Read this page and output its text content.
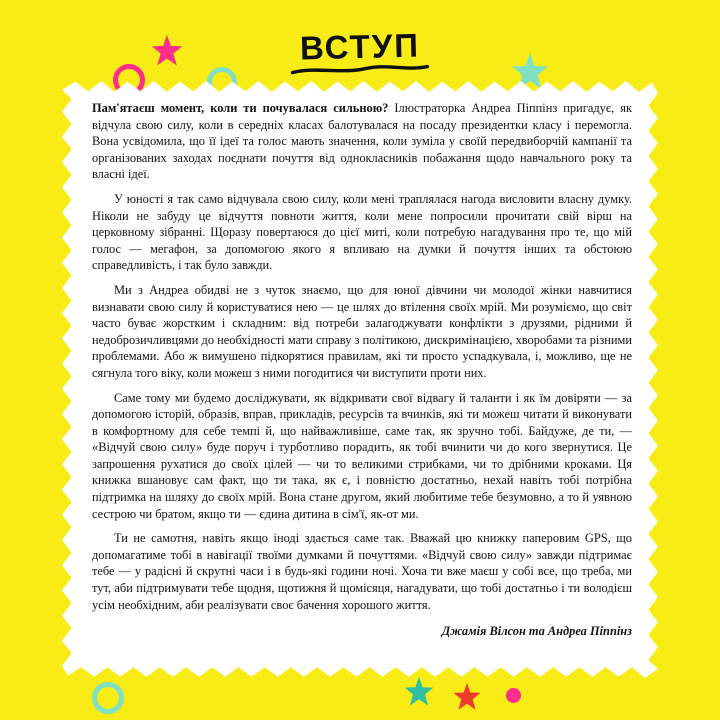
ВСТУП

Пам'ятаєш момент, коли ти почувалася сильною? Ілюстраторка Андреа Піппінз пригадує, як відчула свою силу, коли в середніх класах балотувалася на посаду президентки класу і перемогла. Вона усвідомила, що її ідеї та голос мають значення, коли зуміла у своїй передвиборчій кампанії та організованих заходах поєднати почуття від однокласників побажання щодо навчального року та власні ідеї.

У юності я так само відчувала свою силу, коли мені траплялася нагода висловити власну думку. Ніколи не забуду це відчуття повноти життя, коли мене попросили прочитати свій вірш на церковному зібранні. Щоразу повертаюся до цієї миті, коли потребую нагадування про те, що мій голос — мегафон, за допомогою якого я впливаю на думки й почуття інших та обстоюю справедливість, і так було завжди.

Ми з Андреа обидві не з чуток знаємо, що для юної дівчини чи молодої жінки навчитися визнавати свою силу й користуватися нею — це шлях до втілення своїх мрій. Ми розуміємо, що світ часто буває жорстким і складним: від потреби залагоджувати конфлікти з друзями, рідними й недоброзичливцями до необхідності мати справу з політикою, дискримінацією, хворобами та різними проблемами. Або ж вимушено підкорятися правилам, які ти просто успадкувала, і, можливо, ще не сягнула того віку, коли можеш з ними погодитися чи виступити проти них.

Саме тому ми будемо досліджувати, як відкривати свої відвагу й таланти і як їм довіряти — за допомогою історій, образів, вправ, прикладів, ресурсів та вчинків, які ти можеш читати й виконувати в комфортному для себе темпі й, що найважливіше, саме так, як зручно тобі. Байдуже, де ти, — «Відчуй свою силу» буде поруч і турботливо порадить, як тобі вчинити чи до кого звернутися. Це запрошення рухатися до своїх цілей — чи то великими стрибками, чи то дрібними кроками. Ця книжка вшановує сам факт, що ти така, як є, і повністю достатньо, нехай навіть тобі потрібна підтримка на шляху до своїх мрій. Вона стане другом, який любитиме тебе безумовно, а то й уявною сестрою чи братом, якщо ти — єдина дитина в сім'ї, як-от ми.

Ти не самотня, навіть якщо іноді здається саме так. Вважай цю книжку паперовим GPS, що допомагатиме тобі в навігації твоїми думками й почуттями. «Відчуй свою силу» завжди підтримає тебе — у радісні й скрутні часи і в будь-які години ночі. Хоча ти вже маєш у собі все, що треба, ми тут, аби підтримувати тебе щодня, щотижня й щомісяця, нагадувати, що тобі достатньо і ти володієш усім необхідним, аби реалізувати своє бачення хорошого життя.

Джамія Вілсон та Андреа Піппінз
